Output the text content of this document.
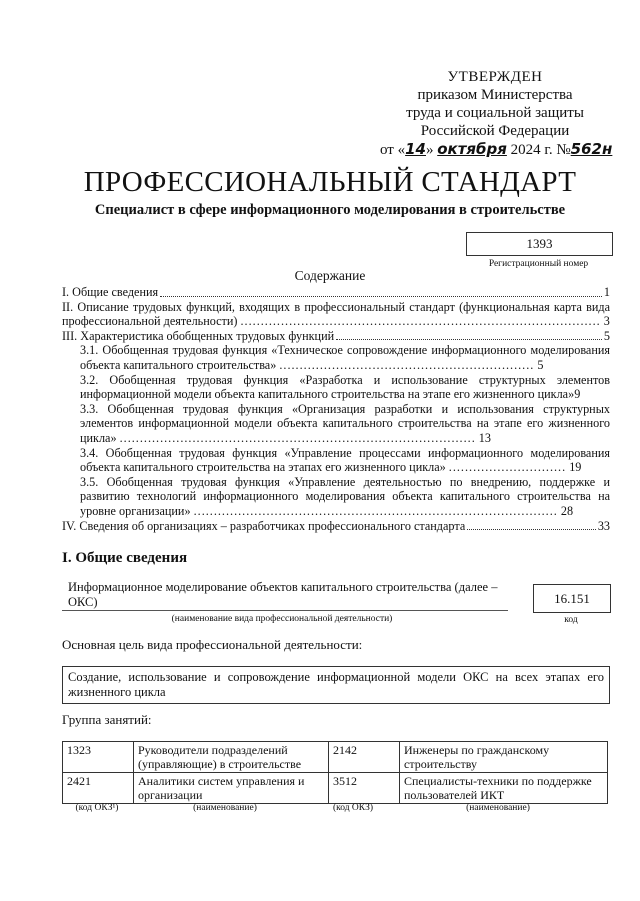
УТВЕРЖДЕН
приказом Министерства
труда и социальной защиты
Российской Федерации
от «14» октября 2024 г. №562н
ПРОФЕССИОНАЛЬНЫЙ СТАНДАРТ
Специалист в сфере информационного моделирования в строительстве
1393
Регистрационный номер
Содержание
I. Общие сведения	1
II. Описание трудовых функций, входящих в профессиональный стандарт (функциональная карта вида профессиональной деятельности) ......................................................................................... 3
III. Характеристика обобщенных трудовых функций	5
3.1. Обобщенная трудовая функция «Техническое сопровождение информационного моделирования объекта капитального строительства» ............................................................... 5
3.2. Обобщенная трудовая функция «Разработка и использование структурных элементов информационной модели объекта капитального строительства на этапе его жизненного цикла»9
3.3. Обобщенная трудовая функция «Организация разработки и использования структурных элементов информационной модели объекта капитального строительства на этапе его жизненного цикла» ........................................................................................ 13
3.4. Обобщенная трудовая функция «Управление процессами информационного моделирования объекта капитального строительства на этапах его жизненного цикла» ............................. 19
3.5. Обобщенная трудовая функция «Управление деятельностью по внедрению, поддержке и развитию технологий информационного моделирования объекта капитального строительства на уровне организации» .......................................................................................... 28
IV. Сведения об организациях – разработчиках профессионального стандарта	33
I. Общие сведения
Информационное моделирование объектов капитального строительства (далее – ОКС)
(наименование вида профессиональной деятельности)
16.151
код
Основная цель вида профессиональной деятельности:
Создание, использование и сопровождение информационной модели ОКС на всех этапах его жизненного цикла
Группа занятий:
1323	Руководители подразделений (управляющие) в строительстве	2142	Инженеры по гражданскому строительству
2421	Аналитики систем управления и организации	3512	Специалисты-техники по поддержке пользователей ИКТ
(код ОКЗ¹)	(наименование)	(код ОКЗ)	(наименование)
